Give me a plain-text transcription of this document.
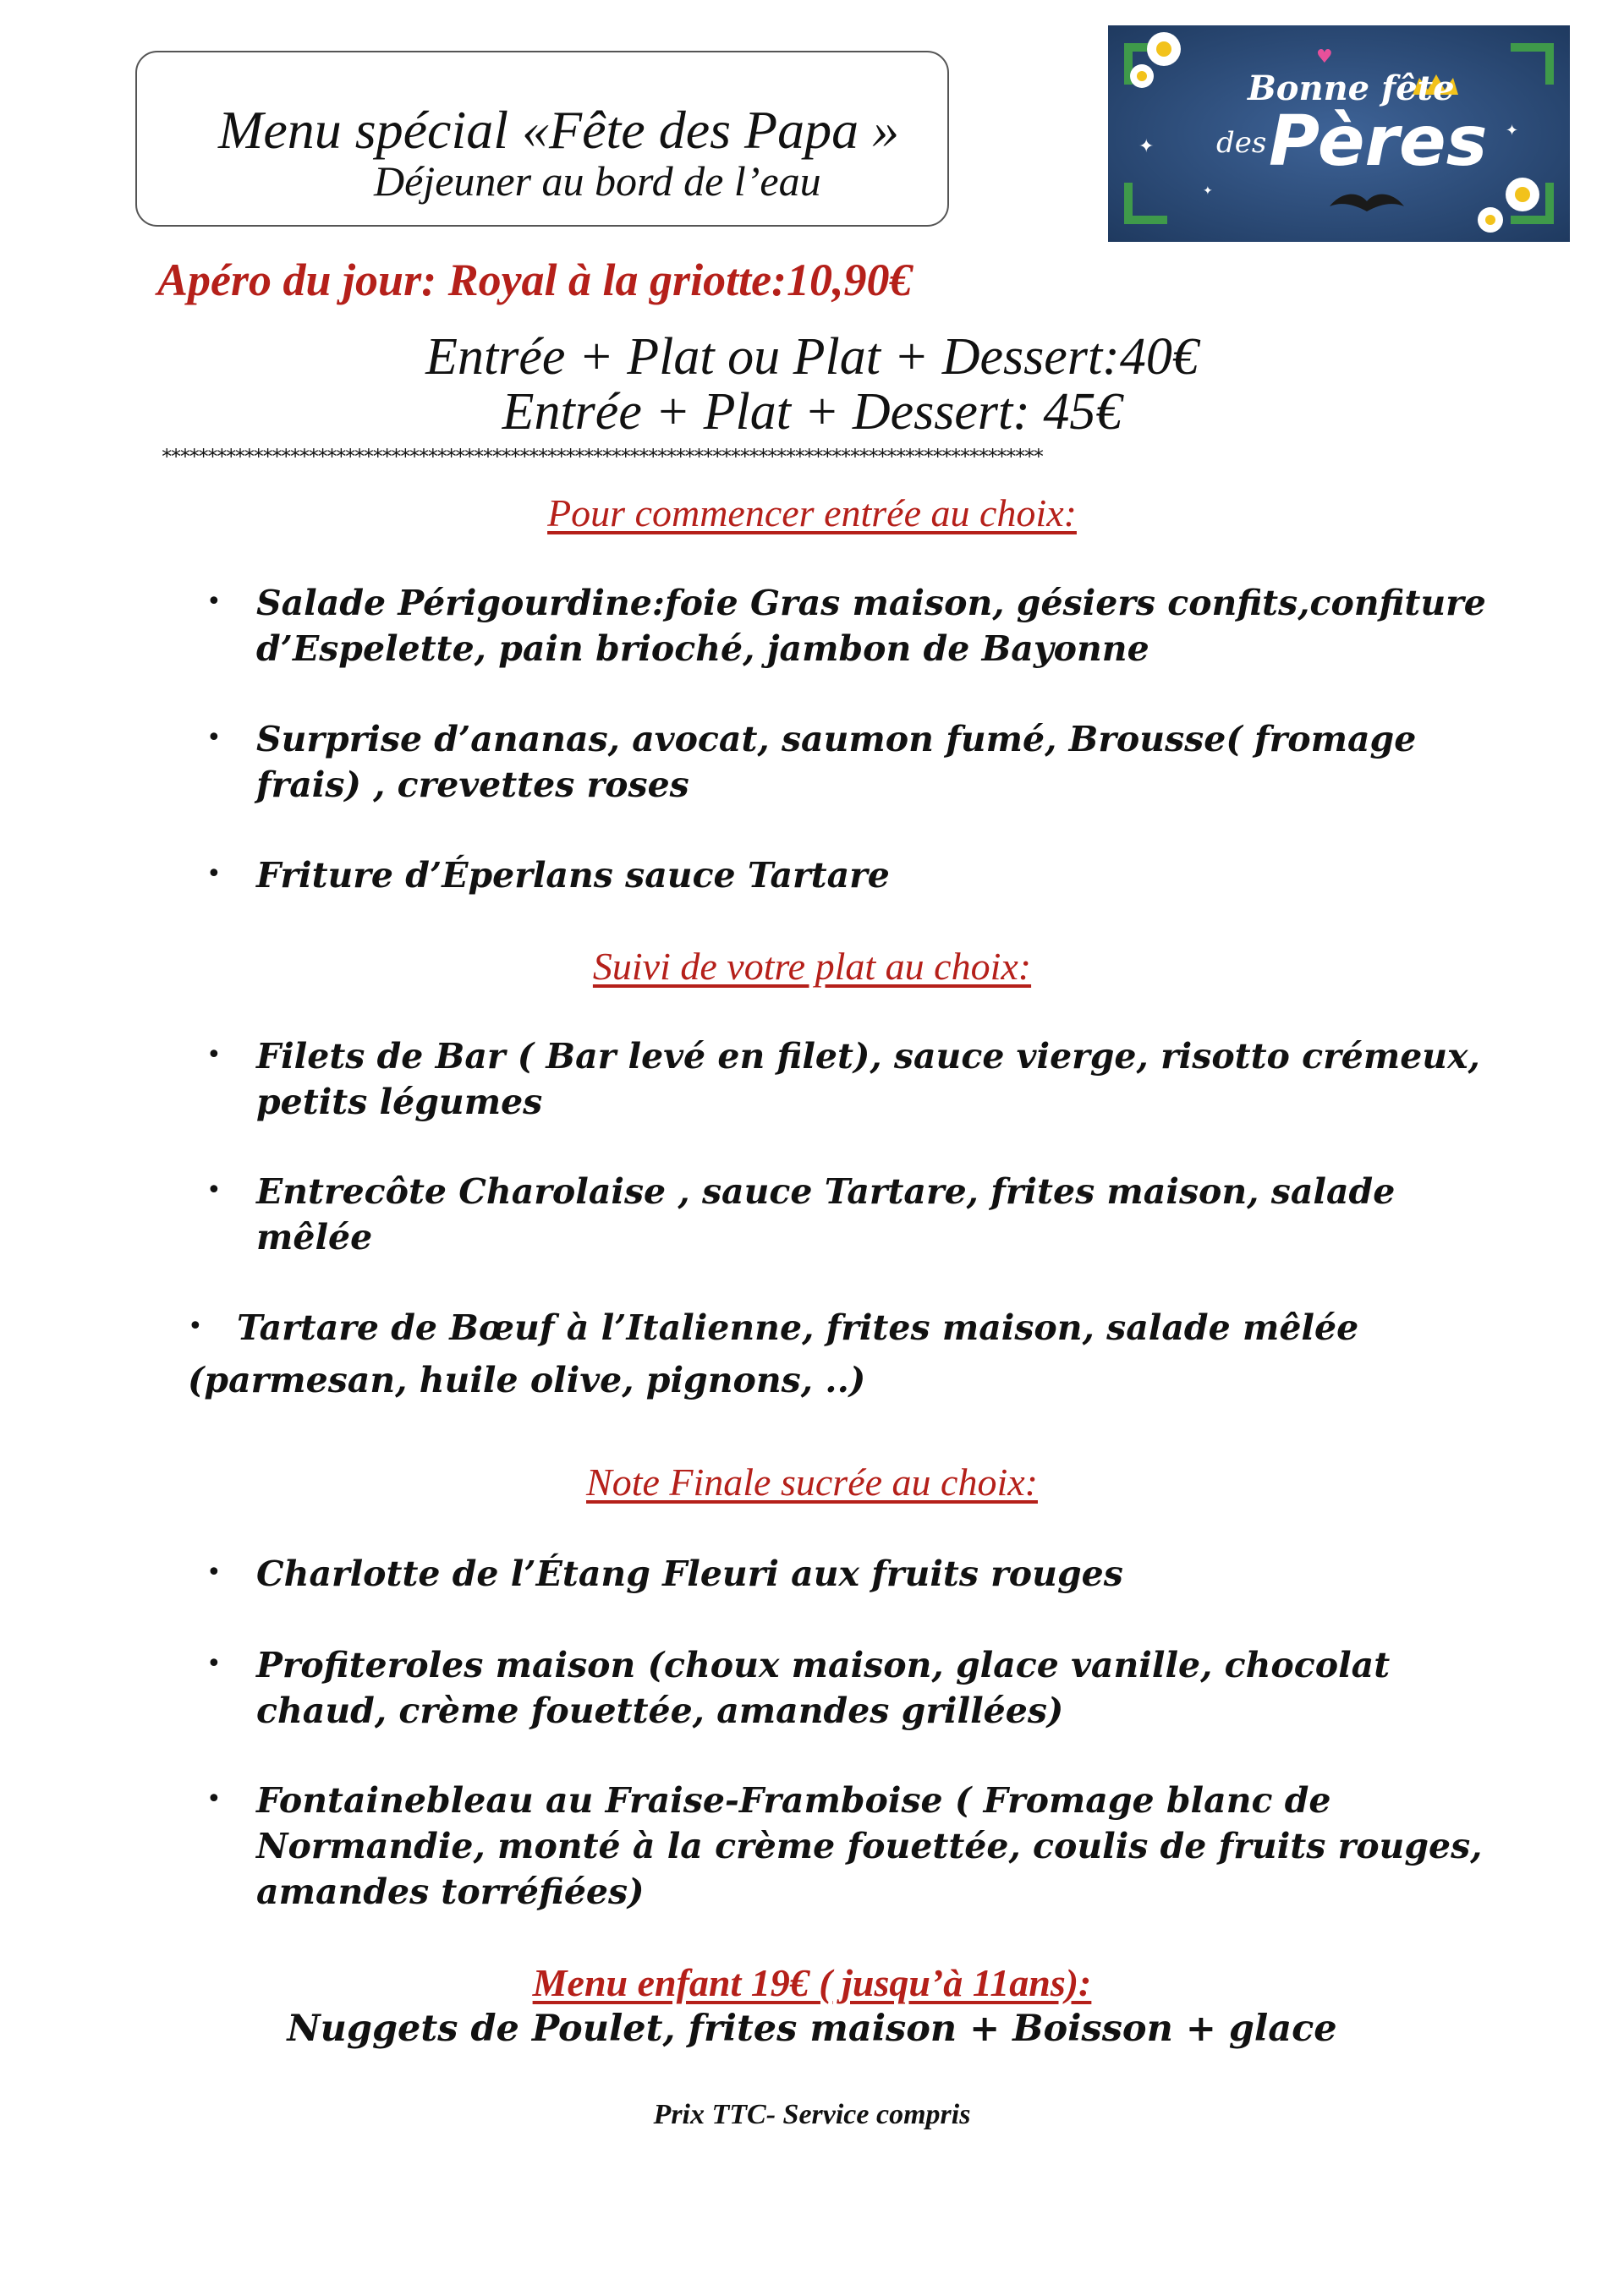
Menu spécial «Fête des Papa »
Déjeuner au bord de l’eau
✦
✦
✦
♥
Bonne fête
des Pères
Apéro du jour: Royal à la griotte:10,90€
Entrée + Plat ou Plat + Dessert:40€
Entrée + Plat + Dessert: 45€
************************************************************************************************
Pour commencer entrée au choix:
• Salade Périgourdine:foie Gras maison, gésiers confits,confiture
d’Espelette, pain brioché, jambon de Bayonne
• Surprise d’ananas, avocat, saumon fumé, Brousse( fromage
frais) , crevettes roses
• Friture d’Éperlans sauce Tartare
Suivi de votre plat au choix:
• Filets de Bar ( Bar levé en filet), sauce vierge, risotto crémeux,
petits légumes
• Entrecôte Charolaise , sauce Tartare, frites maison, salade
mêlée
• Tartare de Bœuf à l’Italienne, frites maison, salade mêlée
(parmesan, huile olive, pignons, ..)
Note Finale sucrée au choix:
• Charlotte de l’Étang Fleuri aux fruits rouges
• Profiteroles maison (choux maison, glace vanille, chocolat
chaud, crème fouettée, amandes grillées)
• Fontainebleau au Fraise-Framboise ( Fromage blanc de
Normandie, monté à la crème fouettée, coulis de fruits rouges,
amandes torréfiées)
Menu enfant 19€ ( jusqu’à 11ans):
Nuggets de Poulet, frites maison + Boisson + glace
Prix TTC- Service compris
